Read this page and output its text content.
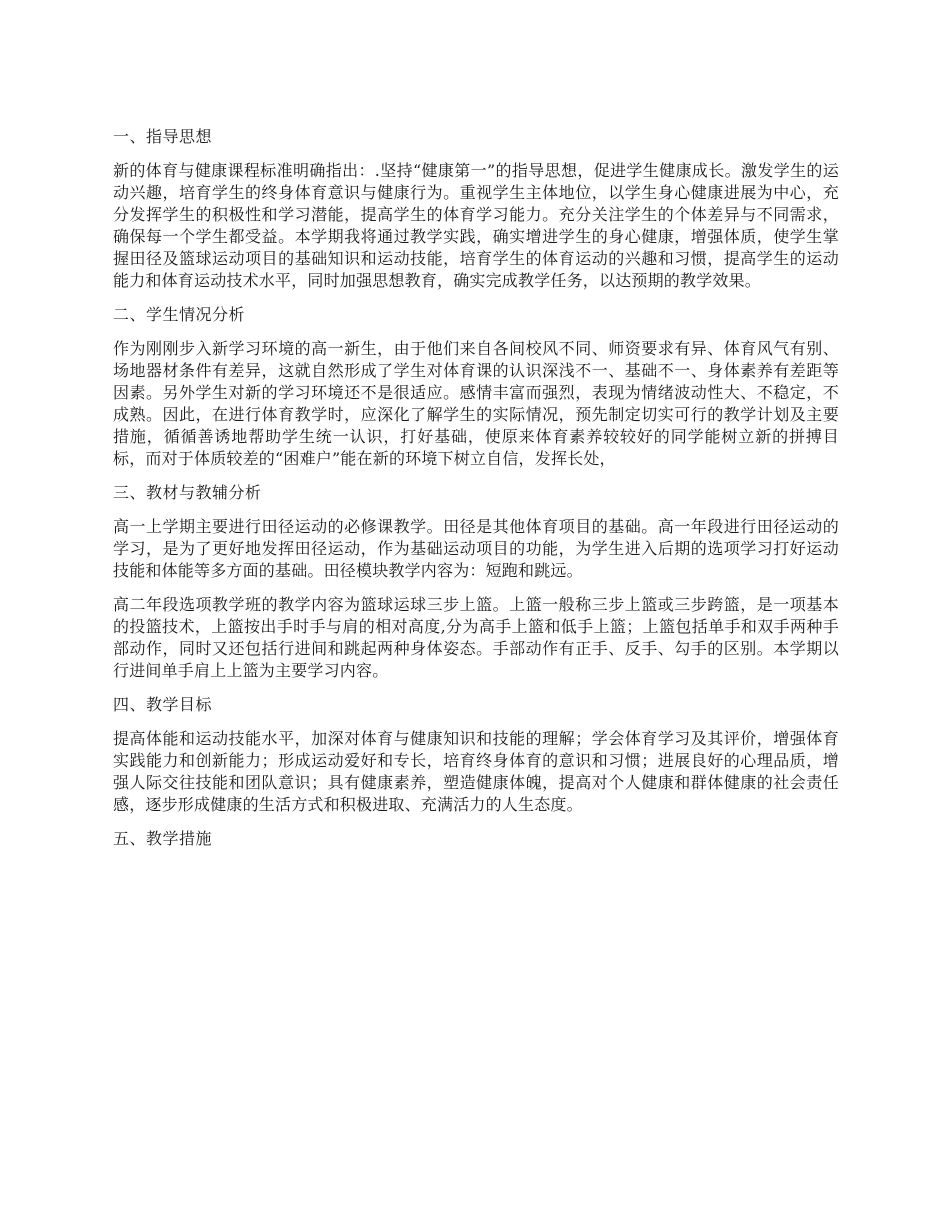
一、指导思想
新的体育与健康课程标准明确指出：.坚持“健康第一”的指导思想，促进学生健康成长。激发学生的运动兴趣，培育学生的终身体育意识与健康行为。重视学生主体地位，以学生身心健康进展为中心，充分发挥学生的积极性和学习潜能，提高学生的体育学习能力。充分关注学生的个体差异与不同需求，确保每一个学生都受益。本学期我将通过教学实践，确实增进学生的身心健康，增强体质，使学生掌握田径及篮球运动项目的基础知识和运动技能，培育学生的体育运动的兴趣和习惯，提高学生的运动能力和体育运动技术水平，同时加强思想教育，确实完成教学任务，以达预期的教学效果。
二、学生情况分析
作为刚刚步入新学习环境的高一新生，由于他们来自各间校风不同、师资要求有异、体育风气有别、场地器材条件有差异，这就自然形成了学生对体育课的认识深浅不一、基础不一、身体素养有差距等因素。另外学生对新的学习环境还不是很适应。感情丰富而强烈，表现为情绪波动性大、不稳定，不成熟。因此，在进行体育教学时，应深化了解学生的实际情况，预先制定切实可行的教学计划及主要措施，循循善诱地帮助学生统一认识，打好基础，使原来体育素养较较好的同学能树立新的拼搏目标，而对于体质较差的“困难户”能在新的环境下树立自信，发挥长处，
三、教材与教辅分析
高一上学期主要进行田径运动的必修课教学。田径是其他体育项目的基础。高一年段进行田径运动的学习，是为了更好地发挥田径运动，作为基础运动项目的功能，为学生进入后期的选项学习打好运动技能和体能等多方面的基础。田径模块教学内容为：短跑和跳远。
高二年段选项教学班的教学内容为篮球运球三步上篮。上篮一般称三步上篮或三步跨篮，是一项基本的投篮技术，上篮按出手时手与肩的相对高度,分为高手上篮和低手上篮；上篮包括单手和双手两种手部动作，同时又还包括行进间和跳起两种身体姿态。手部动作有正手、反手、勾手的区别。本学期以行进间单手肩上上篮为主要学习内容。
四、教学目标
提高体能和运动技能水平，加深对体育与健康知识和技能的理解；学会体育学习及其评价，增强体育实践能力和创新能力；形成运动爱好和专长，培育终身体育的意识和习惯；进展良好的心理品质，增强人际交往技能和团队意识；具有健康素养，塑造健康体魄，提高对个人健康和群体健康的社会责任感，逐步形成健康的生活方式和积极进取、充满活力的人生态度。
五、教学措施
